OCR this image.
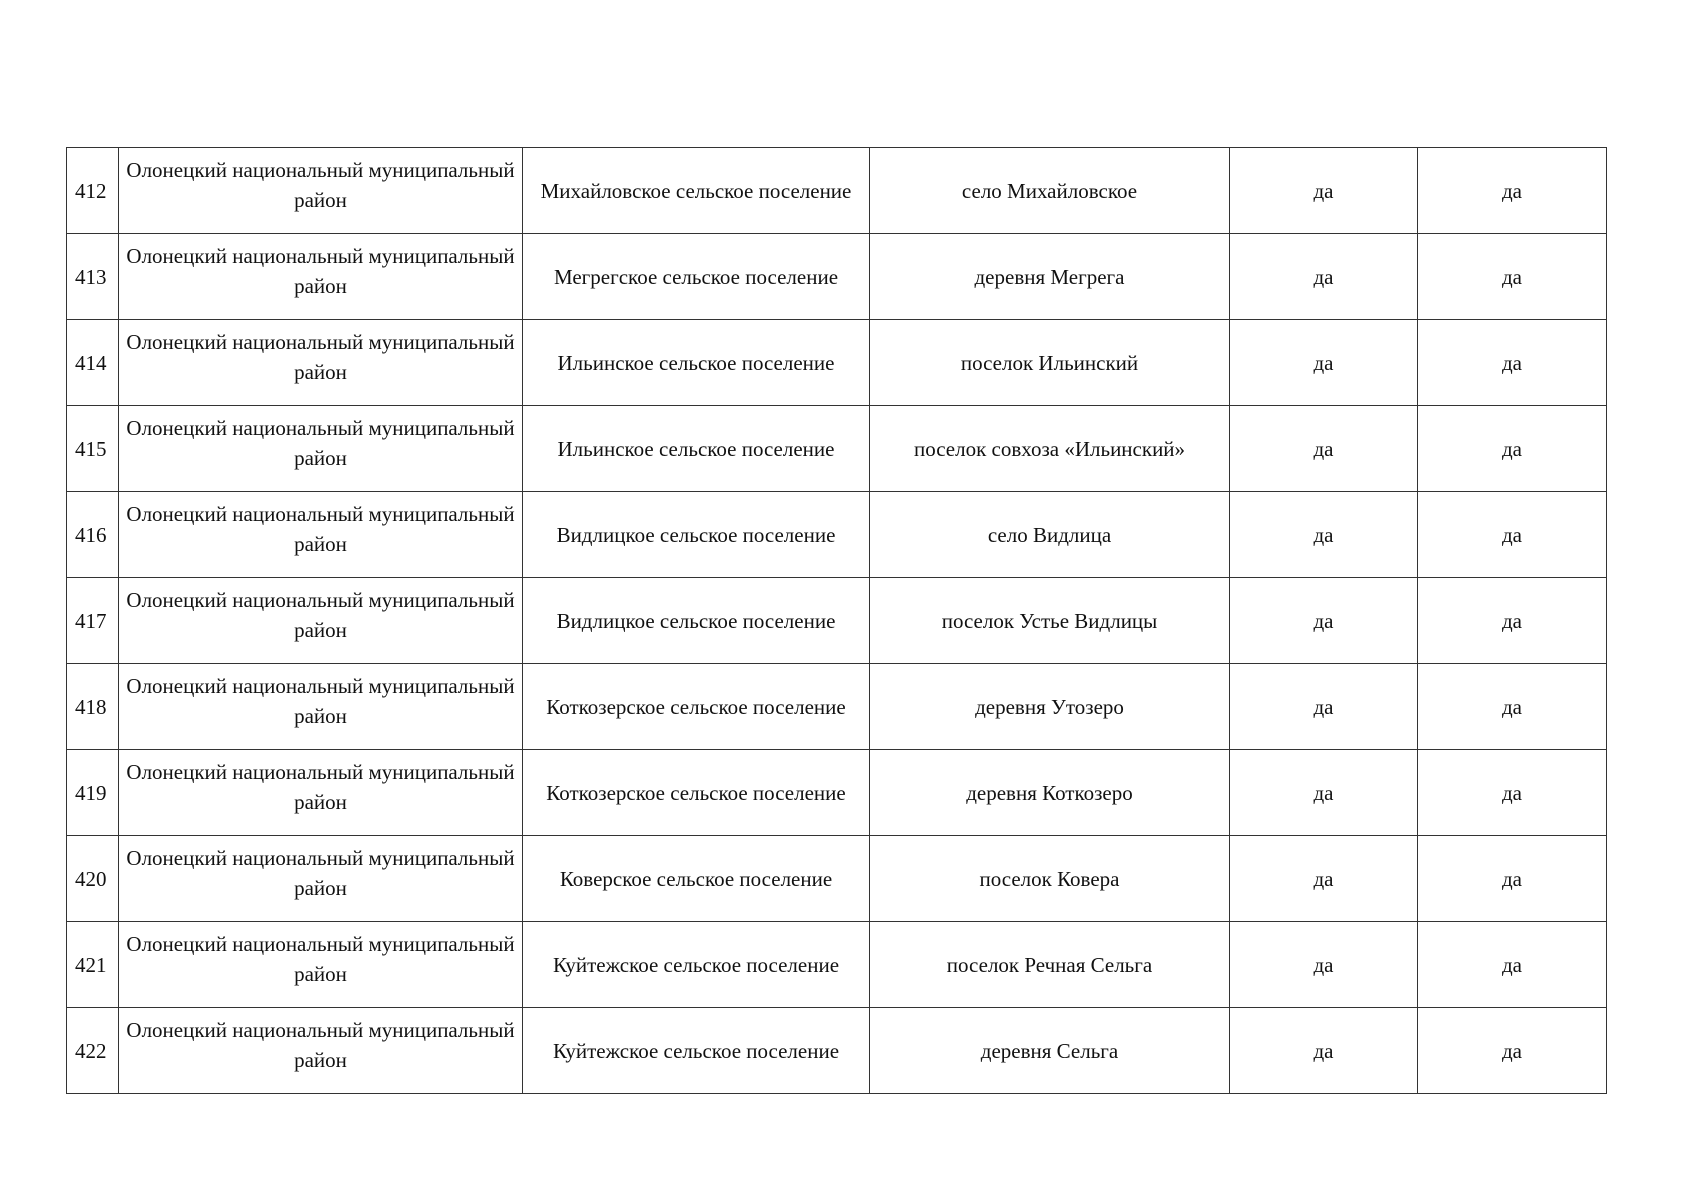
412	Олонецкий национальный муниципальный район	Михайловское сельское поселение	село Михайловское	да	да
413	Олонецкий национальный муниципальный район	Мегрегское сельское поселение	деревня Мегрега	да	да
414	Олонецкий национальный муниципальный район	Ильинское сельское поселение	поселок Ильинский	да	да
415	Олонецкий национальный муниципальный район	Ильинское сельское поселение	поселок совхоза «Ильинский»	да	да
416	Олонецкий национальный муниципальный район	Видлицкое сельское поселение	село Видлица	да	да
417	Олонецкий национальный муниципальный район	Видлицкое сельское поселение	поселок Устье Видлицы	да	да
418	Олонецкий национальный муниципальный район	Коткозерское сельское поселение	деревня Утозеро	да	да
419	Олонецкий национальный муниципальный район	Коткозерское сельское поселение	деревня Коткозеро	да	да
420	Олонецкий национальный муниципальный район	Коверское сельское поселение	поселок Ковера	да	да
421	Олонецкий национальный муниципальный район	Куйтежское сельское поселение	поселок Речная Сельга	да	да
422	Олонецкий национальный муниципальный район	Куйтежское сельское поселение	деревня Сельга	да	да
